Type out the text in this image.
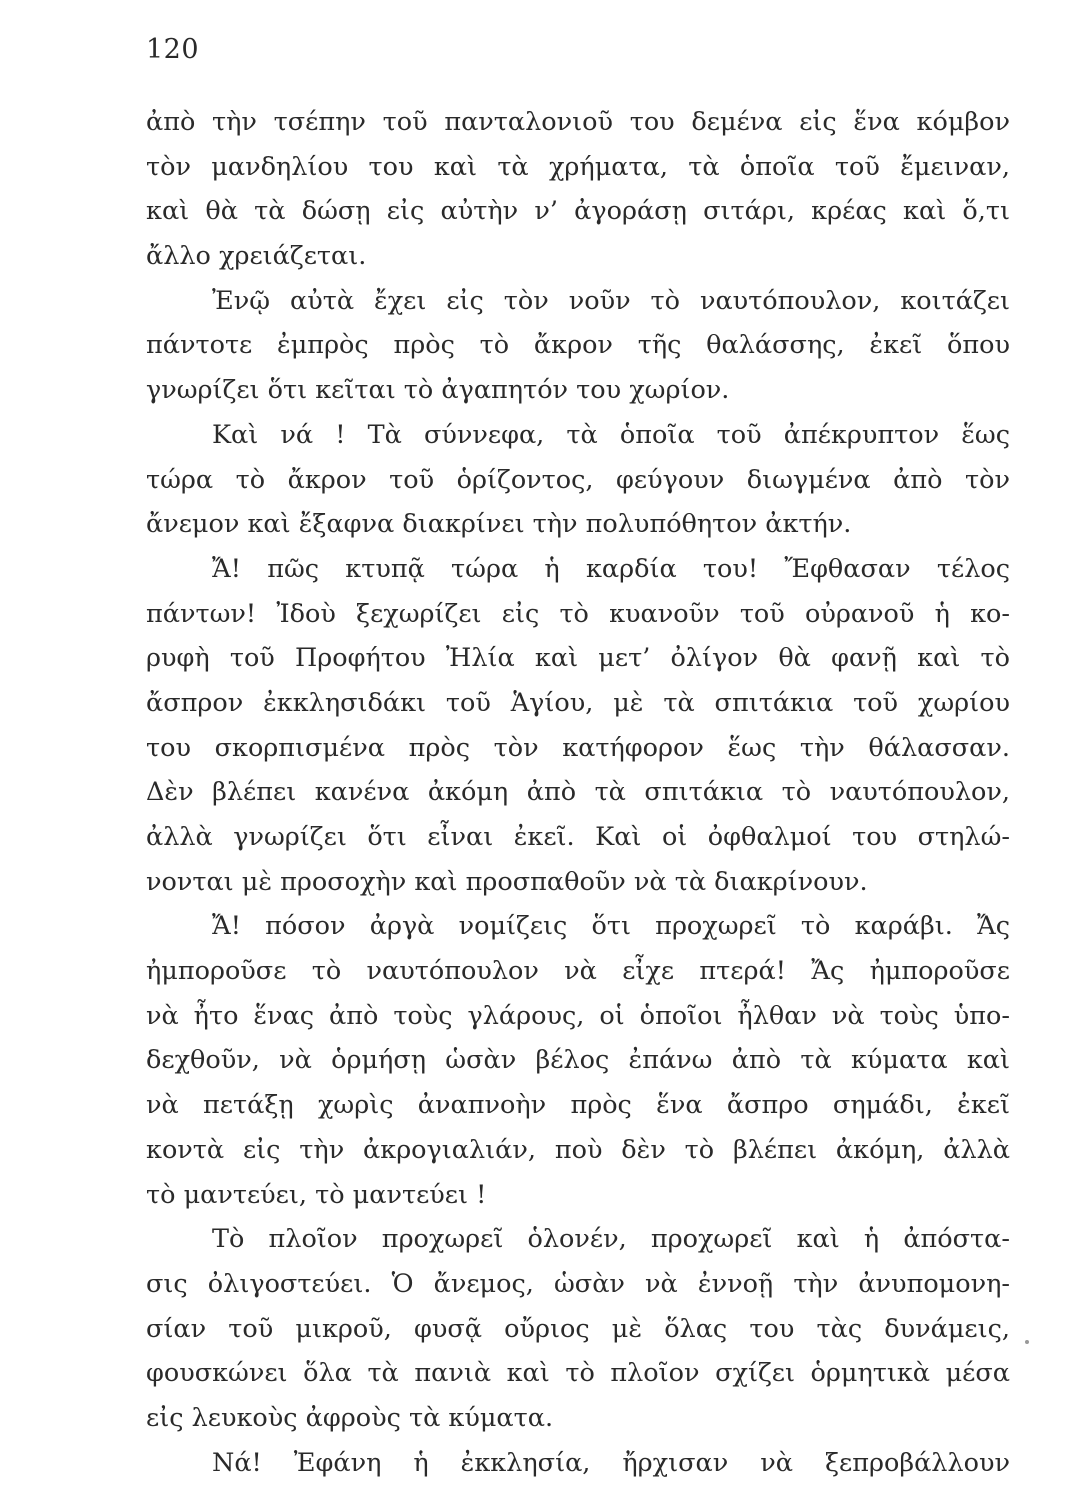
120
ἀπὸ τὴν τσέπην τοῦ πανταλονιοῦ του δεμένα εἰς ἕνα κόμβον
τὸν μανδηλίου του καὶ τὰ χρήματα, τὰ ὁποῖα τοῦ ἔμειναν,
καὶ θὰ τὰ δώσῃ εἰς αὐτὴν ν’ ἀγοράσῃ σιτάρι, κρέας καὶ ὅ,τι
ἄλλο χρειάζεται.
Ἐνῷ αὐτὰ ἔχει εἰς τὸν νοῦν τὸ ναυτόπουλον, κοιτάζει
πάντοτε ἐμπρὸς πρὸς τὸ ἄκρον τῆς θαλάσσης, ἐκεῖ ὅπου
γνωρίζει ὅτι κεῖται τὸ ἀγαπητόν του χωρίον.
Καὶ νά ! Τὰ σύννεφα, τὰ ὁποῖα τοῦ ἀπέκρυπτον ἕως
τώρα τὸ ἄκρον τοῦ ὁρίζοντος, φεύγουν διωγμένα ἀπὸ τὸν
ἄνεμον καὶ ἔξαφνα διακρίνει τὴν πολυπόθητον ἀκτήν.
Ἄ! πῶς κτυπᾷ τώρα ἡ καρδία του! Ἔφθασαν τέλος
πάντων! Ἰδοὺ ξεχωρίζει εἰς τὸ κυανοῦν τοῦ οὐρανοῦ ἡ κο-
ρυφὴ τοῦ Προφήτου Ἠλία καὶ μετ’ ὀλίγον θὰ φανῇ καὶ τὸ
ἄσπρον ἐκκλησιδάκι τοῦ Ἁγίου, μὲ τὰ σπιτάκια τοῦ χωρίου
του σκορπισμένα πρὸς τὸν κατήφορον ἕως τὴν θάλασσαν.
Δὲν βλέπει κανένα ἀκόμη ἀπὸ τὰ σπιτάκια τὸ ναυτόπουλον,
ἀλλὰ γνωρίζει ὅτι εἶναι ἐκεῖ. Καὶ οἱ ὀφθαλμοί του στηλώ-
νονται μὲ προσοχὴν καὶ προσπαθοῦν νὰ τὰ διακρίνουν.
Ἄ! πόσον ἀργὰ νομίζεις ὅτι προχωρεῖ τὸ καράβι. Ἄς
ἠμποροῦσε τὸ ναυτόπουλον νὰ εἶχε πτερά! Ἄς ἠμποροῦσε
νὰ ἦτο ἕνας ἀπὸ τοὺς γλάρους, οἱ ὁποῖοι ἦλθαν νὰ τοὺς ὑπο-
δεχθοῦν, νὰ ὁρμήσῃ ὡσὰν βέλος ἐπάνω ἀπὸ τὰ κύματα καὶ
νὰ πετάξῃ χωρὶς ἀναπνοὴν πρὸς ἕνα ἄσπρο σημάδι, ἐκεῖ
κοντὰ εἰς τὴν ἀκρογιαλιάν, ποὺ δὲν τὸ βλέπει ἀκόμη, ἀλλὰ
τὸ μαντεύει, τὸ μαντεύει !
Τὸ πλοῖον προχωρεῖ ὁλονέν, προχωρεῖ καὶ ἡ ἀπόστα-
σις ὀλιγοστεύει. Ὁ ἄνεμος, ὡσὰν νὰ ἐννοῇ τὴν ἀνυπομονη-
σίαν τοῦ μικροῦ, φυσᾷ οὔριος μὲ ὅλας του τὰς δυνάμεις,
φουσκώνει ὅλα τὰ πανιὰ καὶ τὸ πλοῖον σχίζει ὁρμητικὰ μέσα
εἰς λευκοὺς ἀφροὺς τὰ κύματα.
Νά! Ἐφάνη ἡ ἐκκλησία, ἤρχισαν νὰ ξεπροβάλλουν
